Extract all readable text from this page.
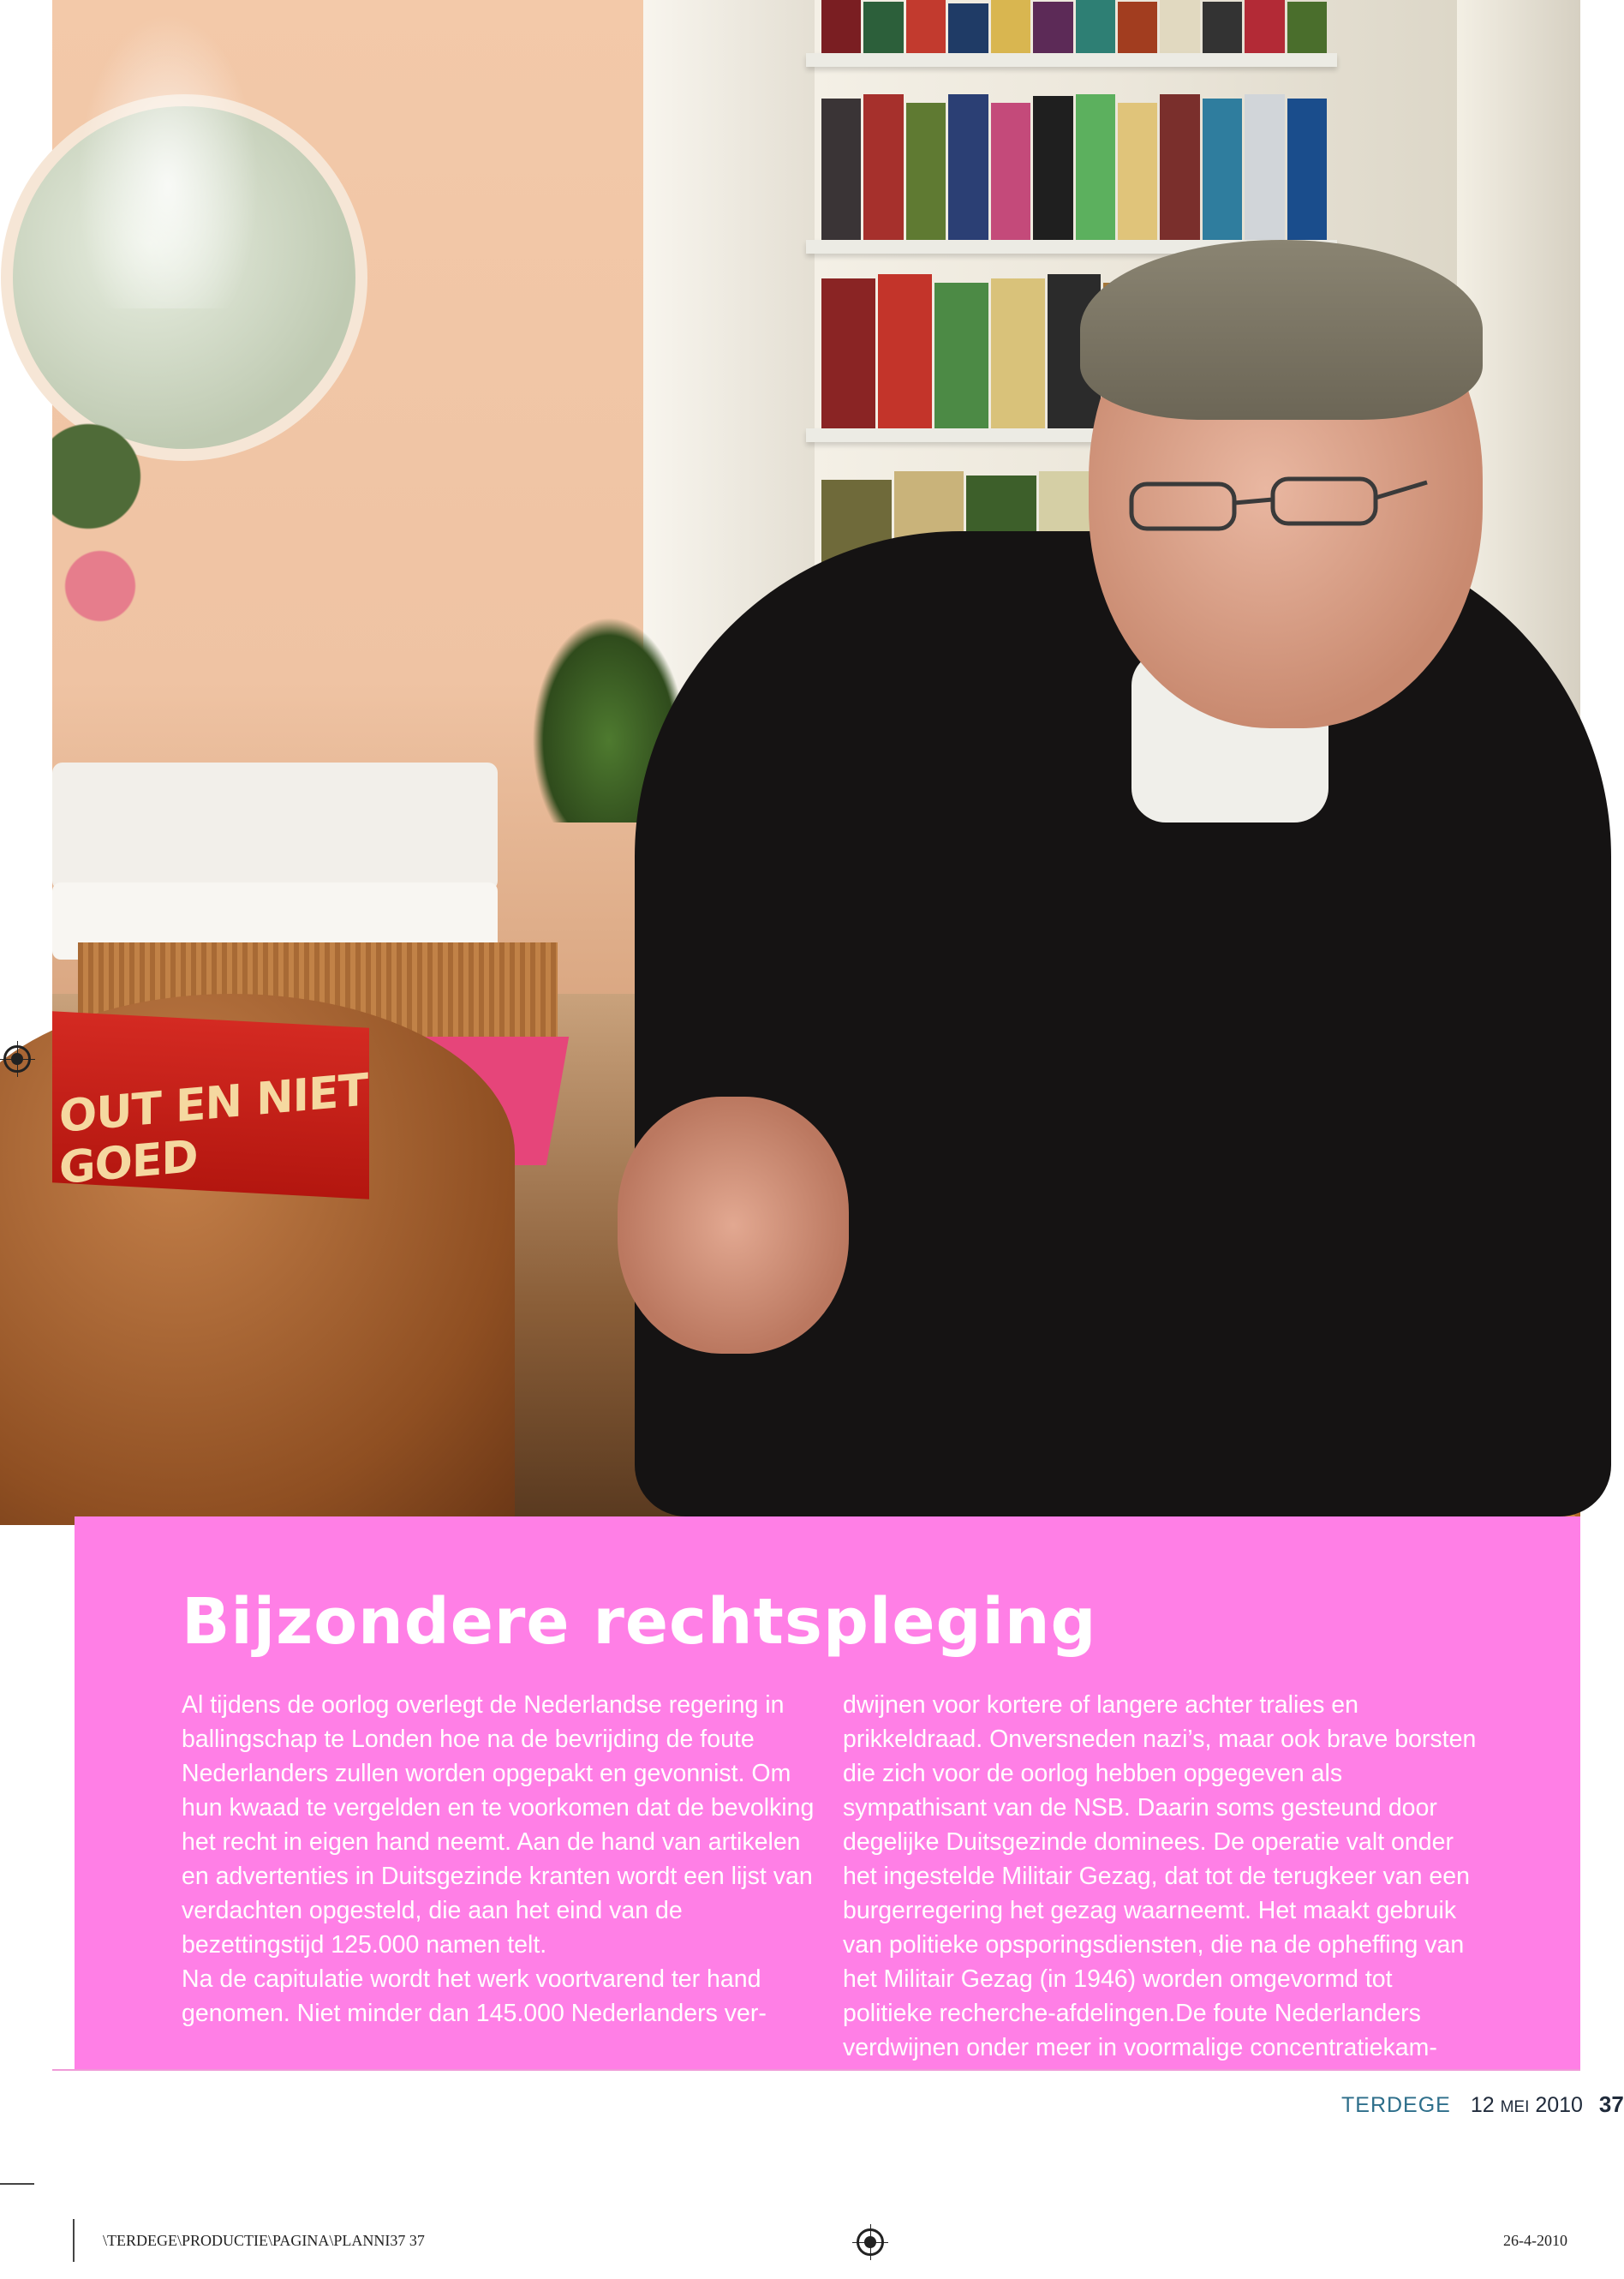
OUT EN NIET GOED
Bijzondere rechtspleging

Al tijdens de oorlog overlegt de Nederlandse regering in ballingschap te Londen hoe na de bevrijding de foute Nederlanders zullen worden opgepakt en gevonnist. Om hun kwaad te vergelden en te voorkomen dat de bevolking het recht in eigen hand neemt. Aan de hand van artikelen en advertenties in Duitsgezinde kranten wordt een lijst van verdachten opgesteld, die aan het eind van de bezettingstijd 125.000 namen telt.

Na de capitulatie wordt het werk voortvarend ter hand genomen. Niet minder dan 145.000 Nederlanders ver-

dwijnen voor kortere of langere achter tralies en prikkeldraad. Onversneden nazi’s, maar ook brave borsten die zich voor de oorlog hebben opgegeven als sympathisant van de NSB. Daarin soms gesteund door degelijke Duitsgezinde dominees. De operatie valt onder het ingestelde Militair Gezag, dat tot de terugkeer van een burgerregering het gezag waarneemt. Het maakt gebruik van politieke opsporingsdiensten, die na de opheffing van het Militair Gezag (in 1946) worden omgevormd tot politieke recherche-afdelingen.De foute Nederlanders verdwijnen onder meer in voormalige concentratiekam-

TERDEGE 12 MEI 2010 37
\TERDEGE\PRODUCTIE\PAGINA\PLANNI37 37	26-4-2010
